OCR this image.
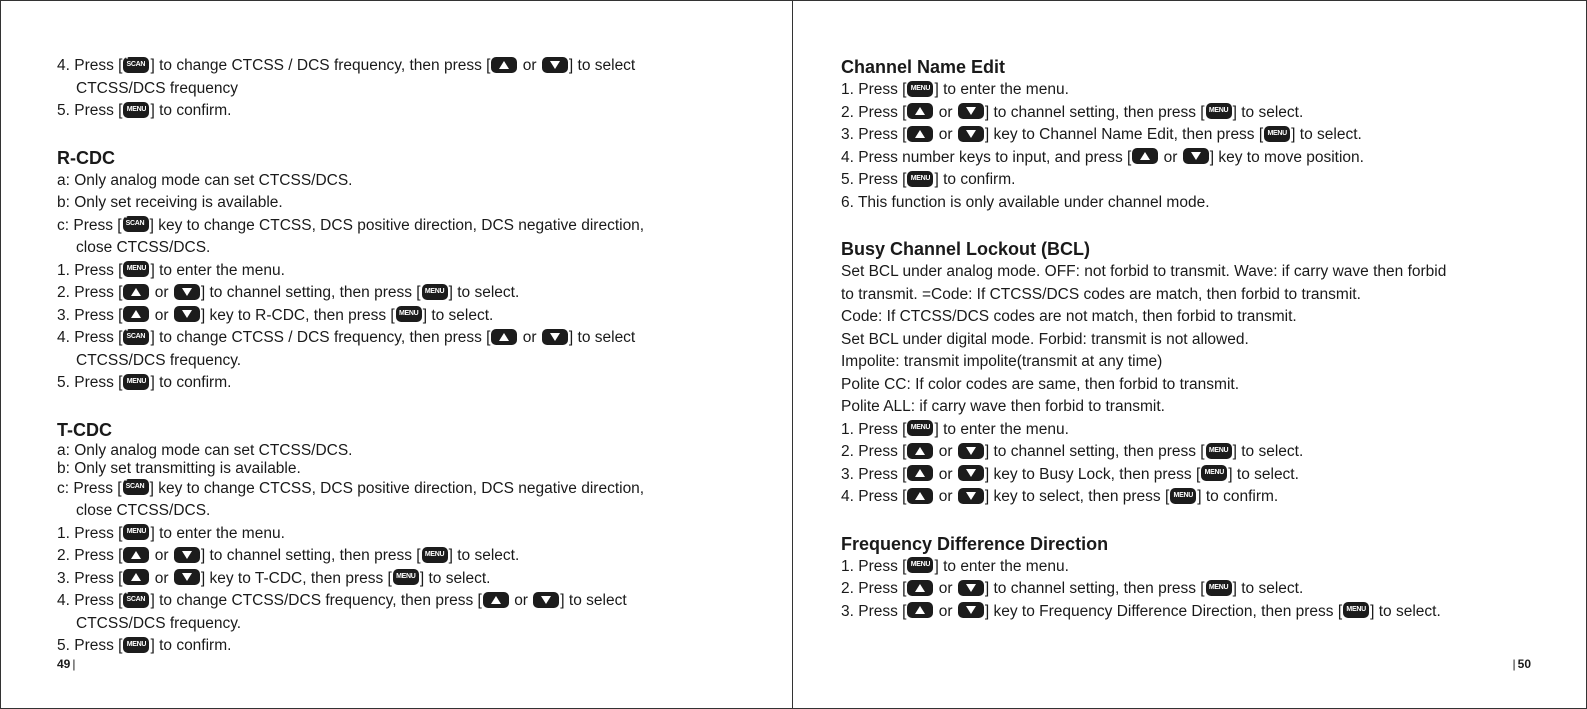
4. Press [ *
SCAN ] to change CTCSS / DCS frequency, then press [ or ] to select
CTCSS/DCS frequency
5. Press [ MENU ] to confirm.
R-CDC
a: Only analog mode can set CTCSS/DCS.
b: Only set receiving is available.
c: Press [ *
SCAN ] key to change CTCSS, DCS positive direction, DCS negative direction,
close CTCSS/DCS.
1. Press [ MENU ] to enter the menu.
2. Press [ or ] to channel setting, then press [ MENU ] to select.
3. Press [ or ] key to R-CDC, then press [ MENU ] to select.
4. Press [ *
SCAN ] to change CTCSS / DCS frequency, then press [ or ] to select
CTCSS/DCS frequency.
5. Press [ MENU ] to confirm.
T-CDC
a: Only analog mode can set CTCSS/DCS.
b: Only set transmitting is available.
c: Press [ *
SCAN ] key to change CTCSS, DCS positive direction, DCS negative direction,
close CTCSS/DCS.
1. Press [ MENU ] to enter the menu.
2. Press [ or ] to channel setting, then press [ MENU ] to select.
3. Press [ or ] key to T-CDC, then press [ MENU ] to select.
4. Press [ *
SCAN ] to change CTCSS/DCS frequency, then press [ or ] to select
CTCSS/DCS frequency.
5. Press [ MENU ] to confirm.
49 |
Channel Name Edit
1. Press [ MENU ] to enter the menu.
2. Press [ or ] to channel setting, then press [ MENU ] to select.
3. Press [ or ] key to Channel Name Edit, then press [ MENU ] to select.
4. Press number keys to input, and press [ or ] key to move position.
5. Press [ MENU ] to confirm.
6. This function is only available under channel mode.
Busy Channel Lockout (BCL)
Set BCL under analog mode. OFF: not forbid to transmit. Wave: if carry wave then forbid
to transmit. =Code: If CTCSS/DCS codes are match, then forbid to transmit.
Code: If CTCSS/DCS codes are not match, then forbid to transmit.
Set BCL under digital mode. Forbid: transmit is not allowed.
Impolite: transmit impolite(transmit at any time)
Polite CC: If color codes are same, then forbid to transmit.
Polite ALL: if carry wave then forbid to transmit.
1. Press [ MENU ] to enter the menu.
2. Press [ or ] to channel setting, then press [ MENU ] to select.
3. Press [ or ] key to Busy Lock, then press [ MENU ] to select.
4. Press [ or ] key to select, then press [ MENU ] to confirm.
Frequency Difference Direction
1. Press [ MENU ] to enter the menu.
2. Press [ or ] to channel setting, then press [ MENU ] to select.
3. Press [ or ] key to Frequency Difference Direction, then press [ MENU ] to select.
| 50
